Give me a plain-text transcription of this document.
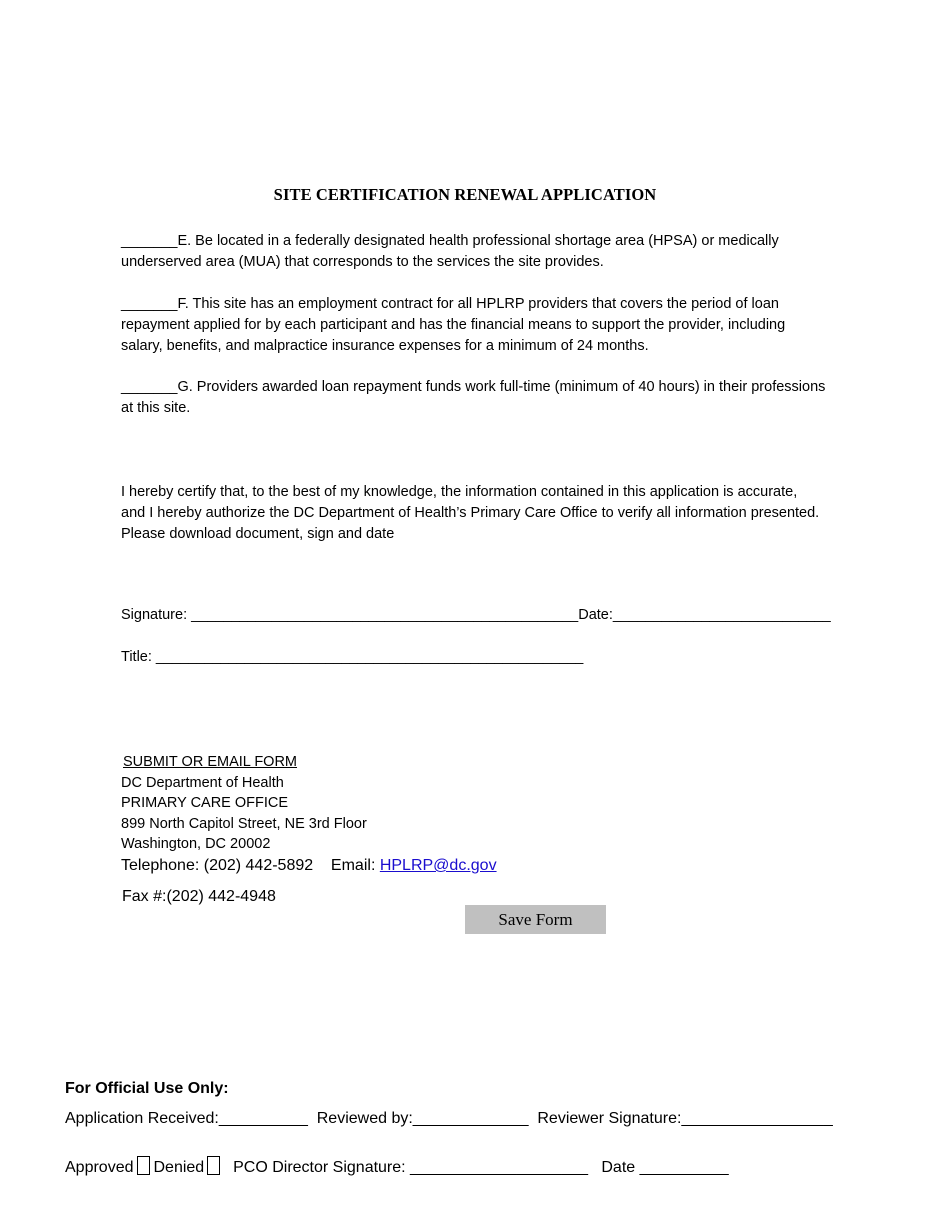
SITE CERTIFICATION RENEWAL APPLICATION
_______E. Be located in a federally designated health professional shortage area (HPSA) or medically
underserved area (MUA) that corresponds to the services the site provides.
_______F. This site has an employment contract for all HPLRP providers that covers the period of loan
repayment applied for by each participant and has the financial means to support the provider, including
salary, benefits, and malpractice insurance expenses for a minimum of 24 months.
_______G. Providers awarded loan repayment funds work full-time (minimum of 40 hours) in their professions
at this site.
I hereby certify that, to the best of my knowledge, the information contained in this application is accurate,
and I hereby authorize the DC Department of Health’s Primary Care Office to verify all information presented.
Please download document, sign and date
Signature: ________________________________________________Date:___________________________
Title: _____________________________________________________
SUBMIT OR EMAIL FORM
DC Department of Health
PRIMARY CARE OFFICE
899 North Capitol Street, NE 3rd Floor
Washington, DC 20002
Telephone: (202) 442-5892    Email: HPLRP@dc.gov
Fax #:(202) 442-4948
Save Form
For Official Use Only:
Application Received:__________ Reviewed by:_____________ Reviewer Signature:_________________
Approved Denied PCO Director Signature: ____________________ Date __________
